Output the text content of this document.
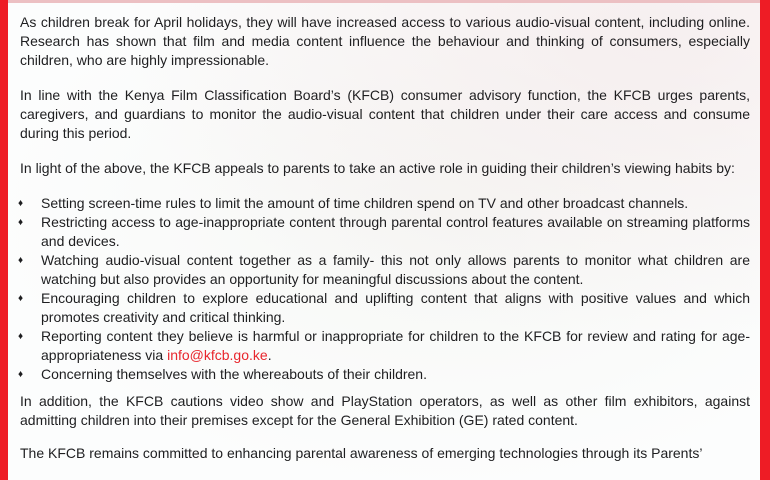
As children break for April holidays, they will have increased access to various audio-visual content, including online. Research has shown that film and media content influence the behaviour and thinking of consumers, especially children, who are highly impressionable.

In line with the Kenya Film Classification Board’s (KFCB) consumer advisory function, the KFCB urges parents, caregivers, and guardians to monitor the audio-visual content that children under their care access and consume during this period.

In light of the above, the KFCB appeals to parents to take an active role in guiding their children’s viewing habits by:

♦	Setting screen-time rules to limit the amount of time children spend on TV and other broadcast channels.
♦	Restricting access to age-inappropriate content through parental control features available on streaming platforms and devices.
♦	Watching audio-visual content together as a family- this not only allows parents to monitor what children are watching but also provides an opportunity for meaningful discussions about the content.
♦	Encouraging children to explore educational and uplifting content that aligns with positive values and which promotes creativity and critical thinking.
♦	Reporting content they believe is harmful or inappropriate for children to the KFCB for review and rating for age-appropriateness via info@kfcb.go.ke.
♦	Concerning themselves with the whereabouts of their children.

In addition, the KFCB cautions video show and PlayStation operators, as well as other film exhibitors, against admitting children into their premises except for the General Exhibition (GE) rated content.

The KFCB remains committed to enhancing parental awareness of emerging technologies through its Parents’
